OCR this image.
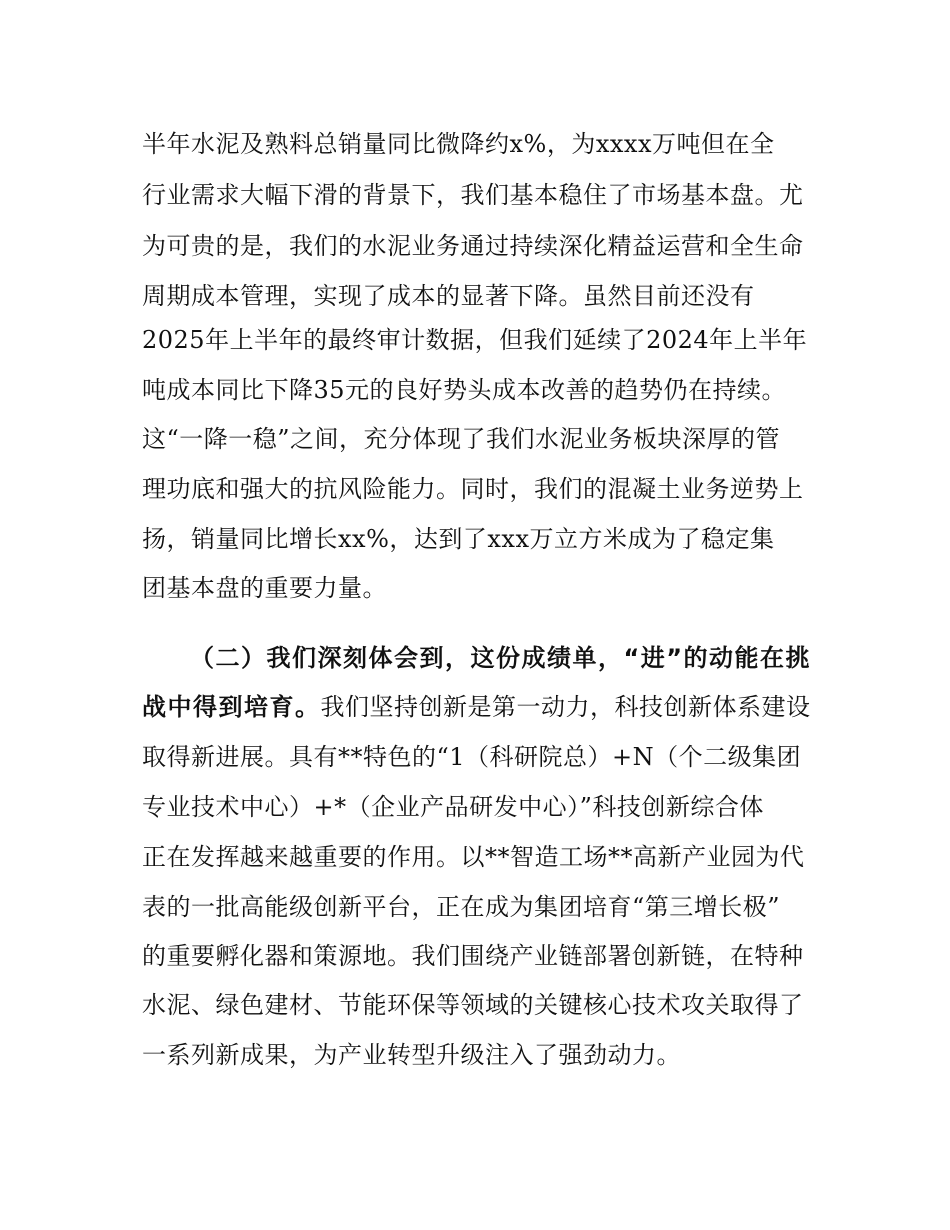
半年水泥及熟料总销量同比微降约x%，为xxxx万吨但在全
行业需求大幅下滑的背景下，我们基本稳住了市场基本盘。尤
为可贵的是，我们的水泥业务通过持续深化精益运营和全生命
周期成本管理，实现了成本的显著下降。虽然目前还没有
2025年上半年的最终审计数据，但我们延续了2024年上半年
吨成本同比下降35元的良好势头成本改善的趋势仍在持续。
这“一降一稳”之间，充分体现了我们水泥业务板块深厚的管
理功底和强大的抗风险能力。同时，我们的混凝土业务逆势上
扬，销量同比增长xx%，达到了xxx万立方米成为了稳定集
团基本盘的重要力量。
（二）我们深刻体会到，这份成绩单，“进”的动能在挑
战中得到培育。我们坚持创新是第一动力，科技创新体系建设
取得新进展。具有**特色的“1（科研院总）+N（个二级集团
专业技术中心）+*（企业产品研发中心）”科技创新综合体
正在发挥越来越重要的作用。以**智造工场**高新产业园为代
表的一批高能级创新平台，正在成为集团培育“第三增长极”
的重要孵化器和策源地。我们围绕产业链部署创新链，在特种
水泥、绿色建材、节能环保等领域的关键核心技术攻关取得了
一系列新成果，为产业转型升级注入了强劲动力。
